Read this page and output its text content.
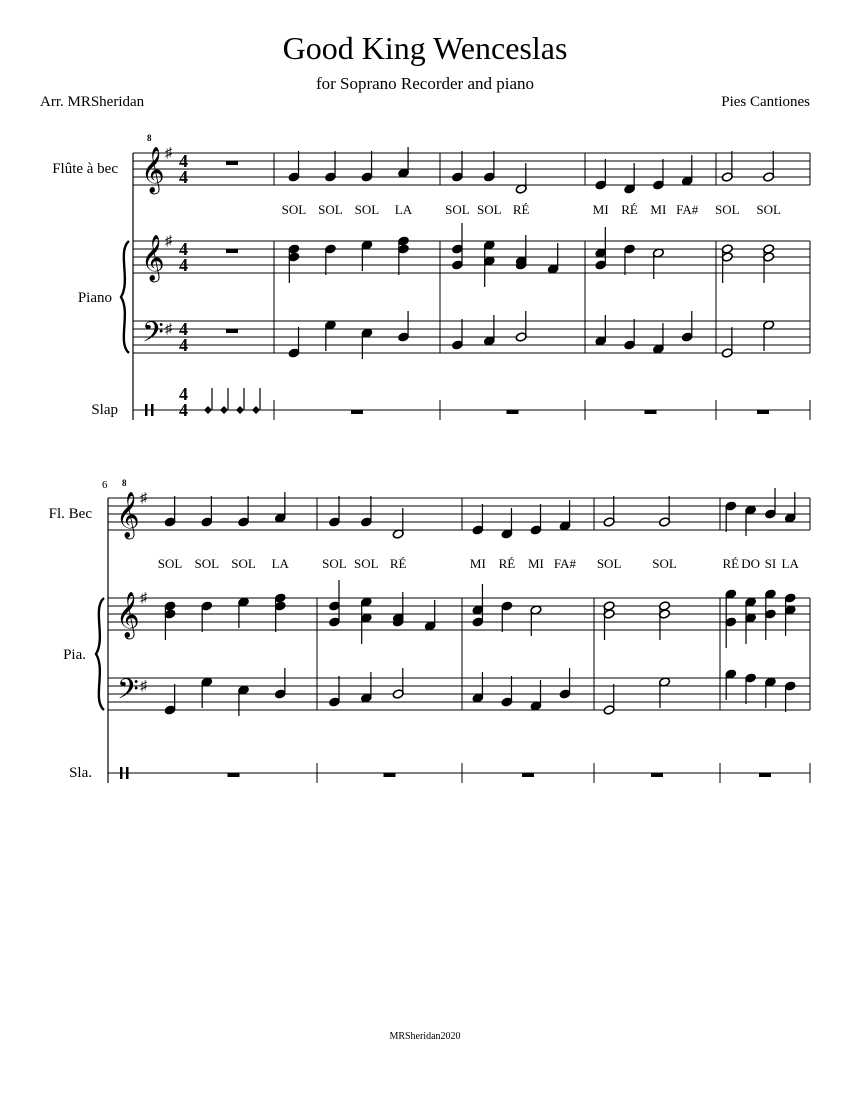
Good King Wenceslas
for Soprano Recorder and piano
Arr. MRSheridan	Pies Cantiones
Flûte à bec
Piano
Slap
𝄞
8
𝄞
𝄢
♯
♯
♯
4
4
4
4
4
4
4
4
SOL SOL SOL LA	SOL SOL RÉ	MI RÉ MI FA# SOL SOL
Fl. Bec
Pia.
Sla.
6
𝄞
8
𝄞
𝄢
♯
♯
♯
SOL SOL SOL LA	SOL SOL RÉ	MI RÉ MI FA# SOL SOL	RÉ DO SI LA
MRSheridan2020
